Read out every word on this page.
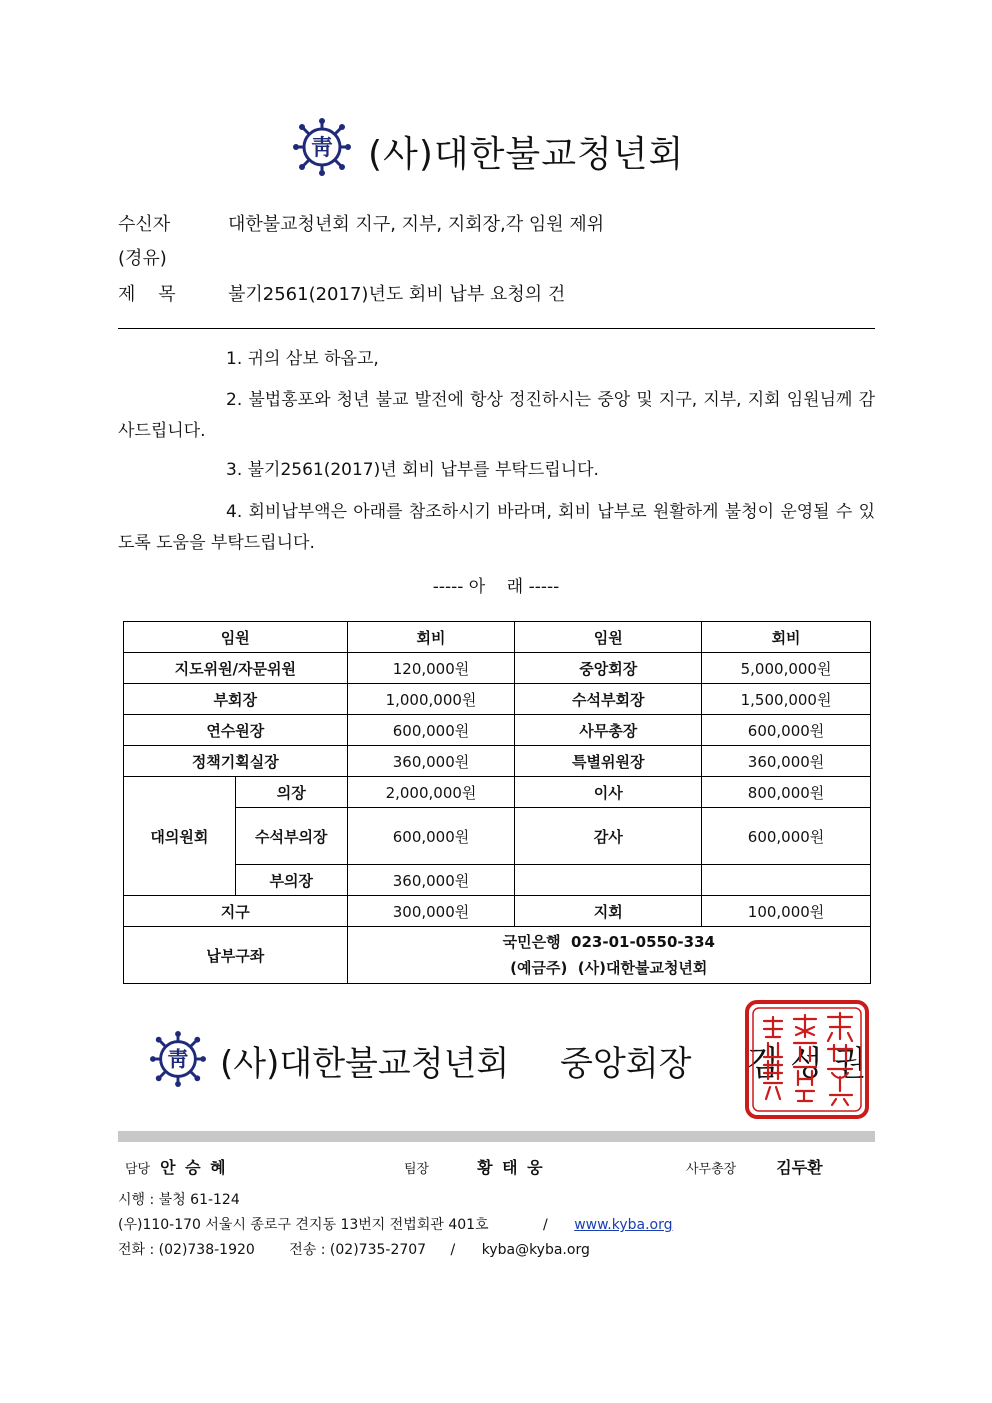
靑 (사)대한불교청년회
수신자	대한불교청년회 지구, 지부, 지회장,각 임원 제위
(경유)
제    목	불기2561(2017)년도 회비 납부 요청의 건
1. 귀의 삼보 하옵고,
2. 불법홍포와 청년 불교 발전에 항상 정진하시는 중앙 및 지구, 지부, 지회 임원님께 감사드립니다.
3. 불기2561(2017)년 회비 납부를 부탁드립니다.
4. 회비납부액은 아래를 참조하시기 바라며, 회비 납부로 원활하게 불청이 운영될 수 있도록 도움을 부탁드립니다.
----- 아    래 -----
임원		회비	임원	회비
지도위원/자문위원		120,000원	중앙회장	5,000,000원
부회장		1,000,000원	수석부회장	1,500,000원
연수원장		600,000원	사무총장	600,000원
정책기획실장		360,000원	특별위원장	360,000원
대의원회	의장	2,000,000원	이사	800,000원
	수석부의장	600,000원	감사	600,000원
	부의장	360,000원		
지구		300,000원	지회	100,000원
납부구좌		국민은행  023-01-0550-334
(예금주)  (사)대한불교청년회		
靑 (사)대한불교청년회 중앙회장 김 성 권
담당 안 승 혜	팀장	황 태 웅	사무총장	김두환
시행 : 불청 61-124
(우)110-170 서울시 종로구 견지동 13번지 전법회관 401호	/ www.kyba.org
전화 : (02)738-1920 전송 : (02)735-2707 / kyba@kyba.org
